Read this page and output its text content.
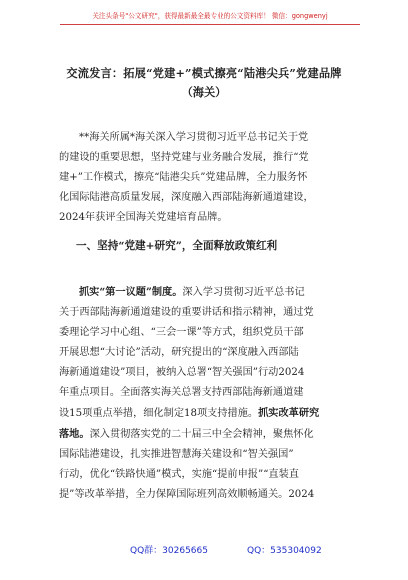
关注头条号"公文研究"，获得最新最全最专业的公文资料库！ 微信：gongwenyj
交流发言：拓展“党建+”模式擦亮“陆港尖兵”党建品牌
（海关）
**海关所属*海关深入学习贯彻习近平总书记关于党
的建设的重要思想，坚持党建与业务融合发展，推行“党
建+”工作模式，擦亮“陆港尖兵”党建品牌，全力服务怀
化国际陆港高质量发展，深度融入西部陆海新通道建设，
2024年获评全国海关党建培育品牌。
一、坚持“党建+研究”，全面释放政策红利
抓实“第一议题”制度。深入学习贯彻习近平总书记
关于西部陆海新通道建设的重要讲话和指示精神，通过党
委理论学习中心组、“三会一课”等方式，组织党员干部
开展思想“大讨论”活动，研究提出的“深度融入西部陆
海新通道建设”项目，被纳入总署“智关强国”行动2024
年重点项目。全面落实海关总署支持西部陆海新通道建
设15项重点举措，细化制定18项支持措施。抓实改革研究
落地。深入贯彻落实党的二十届三中全会精神，聚焦怀化
国际陆港建设，扎实推进智慧海关建设和“智关强国”
行动，优化“铁路快通”模式，实施“提前申报”“直装直
提”等改革举措，全力保障国际班列高效顺畅通关。2024
QQ群：30265665	QQ：535304092
